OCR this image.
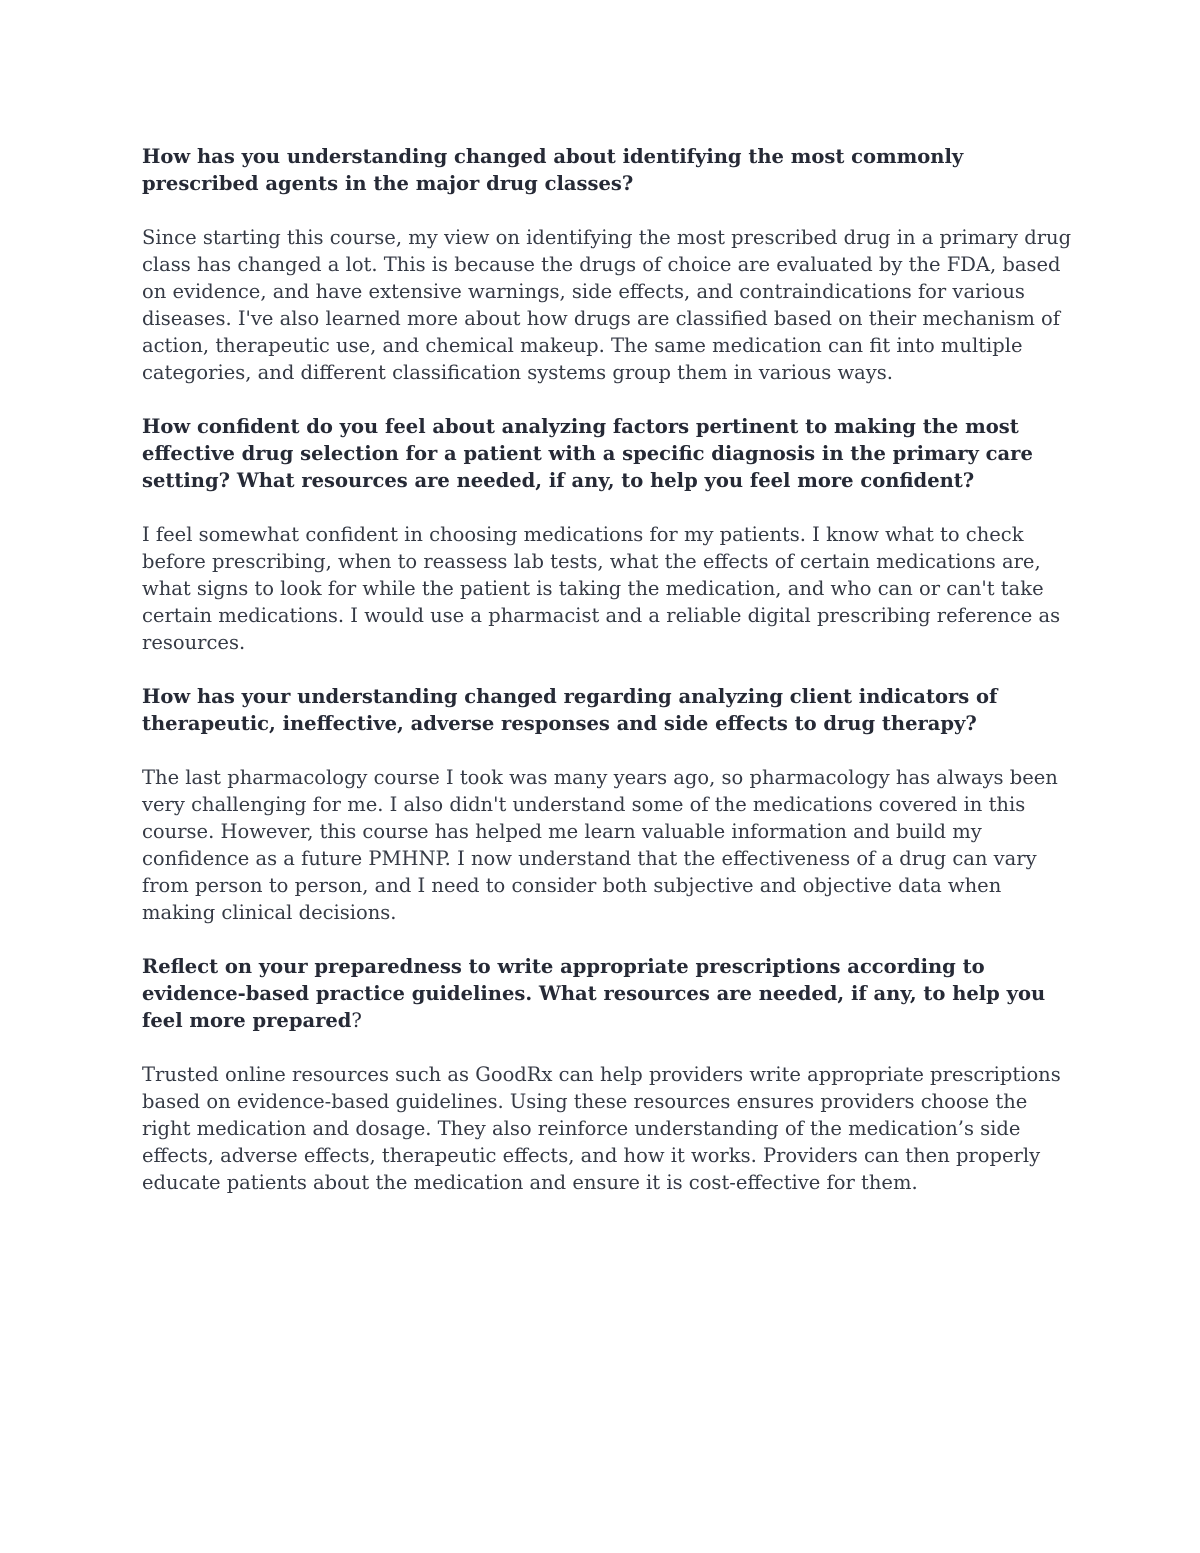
How has you understanding changed about identifying the most commonly prescribed agents in the major drug classes?

Since starting this course, my view on identifying the most prescribed drug in a primary drug class has changed a lot. This is because the drugs of choice are evaluated by the FDA, based on evidence, and have extensive warnings, side effects, and contraindications for various diseases. I've also learned more about how drugs are classified based on their mechanism of action, therapeutic use, and chemical makeup. The same medication can fit into multiple categories, and different classification systems group them in various ways.

How confident do you feel about analyzing factors pertinent to making the most effective drug selection for a patient with a specific diagnosis in the primary care setting? What resources are needed, if any, to help you feel more confident?

I feel somewhat confident in choosing medications for my patients. I know what to check before prescribing, when to reassess lab tests, what the effects of certain medications are, what signs to look for while the patient is taking the medication, and who can or can't take certain medications. I would use a pharmacist and a reliable digital prescribing reference as resources.

How has your understanding changed regarding analyzing client indicators of therapeutic, ineffective, adverse responses and side effects to drug therapy?

The last pharmacology course I took was many years ago, so pharmacology has always been very challenging for me. I also didn't understand some of the medications covered in this course. However, this course has helped me learn valuable information and build my confidence as a future PMHNP. I now understand that the effectiveness of a drug can vary from person to person, and I need to consider both subjective and objective data when making clinical decisions.

Reflect on your preparedness to write appropriate prescriptions according to evidence-based practice guidelines. What resources are needed, if any, to help you feel more prepared?

Trusted online resources such as GoodRx can help providers write appropriate prescriptions based on evidence-based guidelines. Using these resources ensures providers choose the right medication and dosage. They also reinforce understanding of the medication’s side effects, adverse effects, therapeutic effects, and how it works. Providers can then properly educate patients about the medication and ensure it is cost-effective for them.
